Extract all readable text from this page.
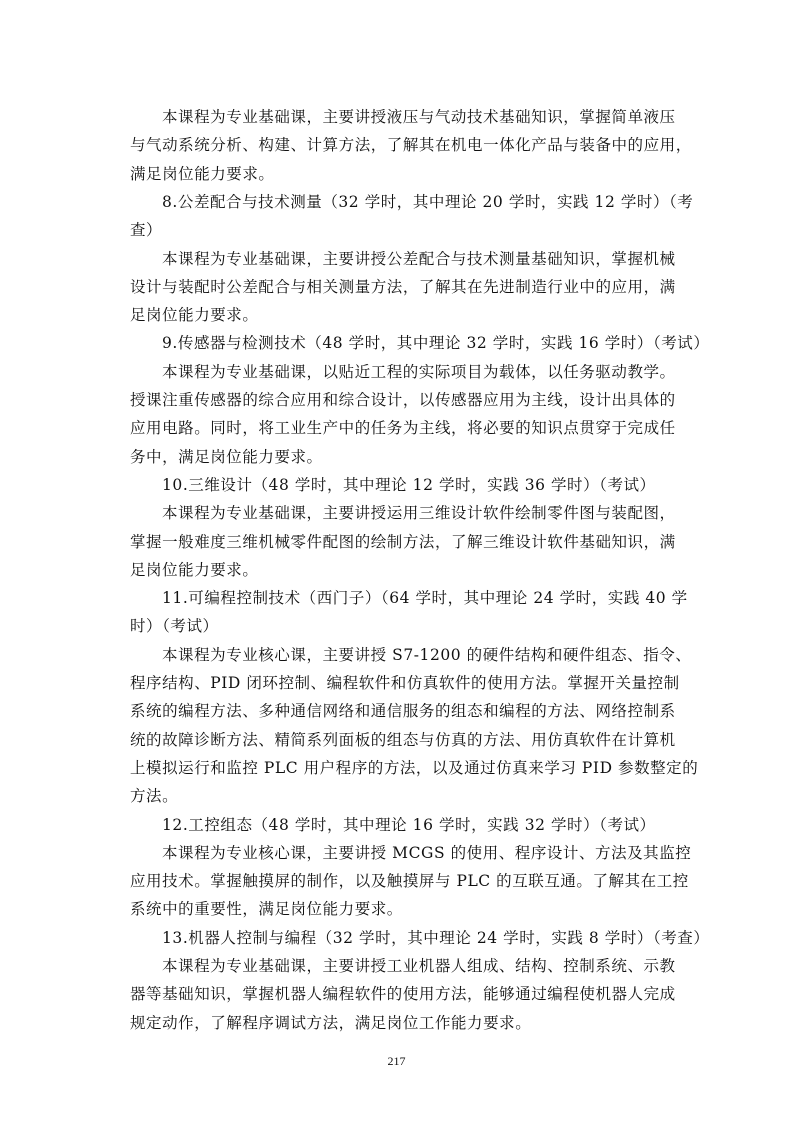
本课程为专业基础课，主要讲授液压与气动技术基础知识，掌握简单液压
与气动系统分析、构建、计算方法，了解其在机电一体化产品与装备中的应用，
满足岗位能力要求。
8.公差配合与技术测量（32 学时，其中理论 20 学时，实践 12 学时）（考
查）
本课程为专业基础课，主要讲授公差配合与技术测量基础知识，掌握机械
设计与装配时公差配合与相关测量方法，了解其在先进制造行业中的应用，满
足岗位能力要求。
9.传感器与检测技术（48 学时，其中理论 32 学时，实践 16 学时）（考试）
本课程为专业基础课，以贴近工程的实际项目为载体，以任务驱动教学。
授课注重传感器的综合应用和综合设计，以传感器应用为主线，设计出具体的
应用电路。同时，将工业生产中的任务为主线，将必要的知识点贯穿于完成任
务中，满足岗位能力要求。
10.三维设计（48 学时，其中理论 12 学时，实践 36 学时）（考试）
本课程为专业基础课，主要讲授运用三维设计软件绘制零件图与装配图，
掌握一般难度三维机械零件配图的绘制方法，了解三维设计软件基础知识，满
足岗位能力要求。
11.可编程控制技术（西门子）（64 学时，其中理论 24 学时，实践 40 学
时）（考试）
本课程为专业核心课，主要讲授 S7-1200 的硬件结构和硬件组态、指令、
程序结构、PID 闭环控制、编程软件和仿真软件的使用方法。掌握开关量控制
系统的编程方法、多种通信网络和通信服务的组态和编程的方法、网络控制系
统的故障诊断方法、精简系列面板的组态与仿真的方法、用仿真软件在计算机
上模拟运行和监控 PLC 用户程序的方法，以及通过仿真来学习 PID 参数整定的
方法。
12.工控组态（48 学时，其中理论 16 学时，实践 32 学时）（考试）
本课程为专业核心课，主要讲授 MCGS 的使用、程序设计、方法及其监控
应用技术。掌握触摸屏的制作，以及触摸屏与 PLC 的互联互通。了解其在工控
系统中的重要性，满足岗位能力要求。
13.机器人控制与编程（32 学时，其中理论 24 学时，实践 8 学时）（考查）
本课程为专业基础课，主要讲授工业机器人组成、结构、控制系统、示教
器等基础知识，掌握机器人编程软件的使用方法，能够通过编程使机器人完成
规定动作，了解程序调试方法，满足岗位工作能力要求。
217
